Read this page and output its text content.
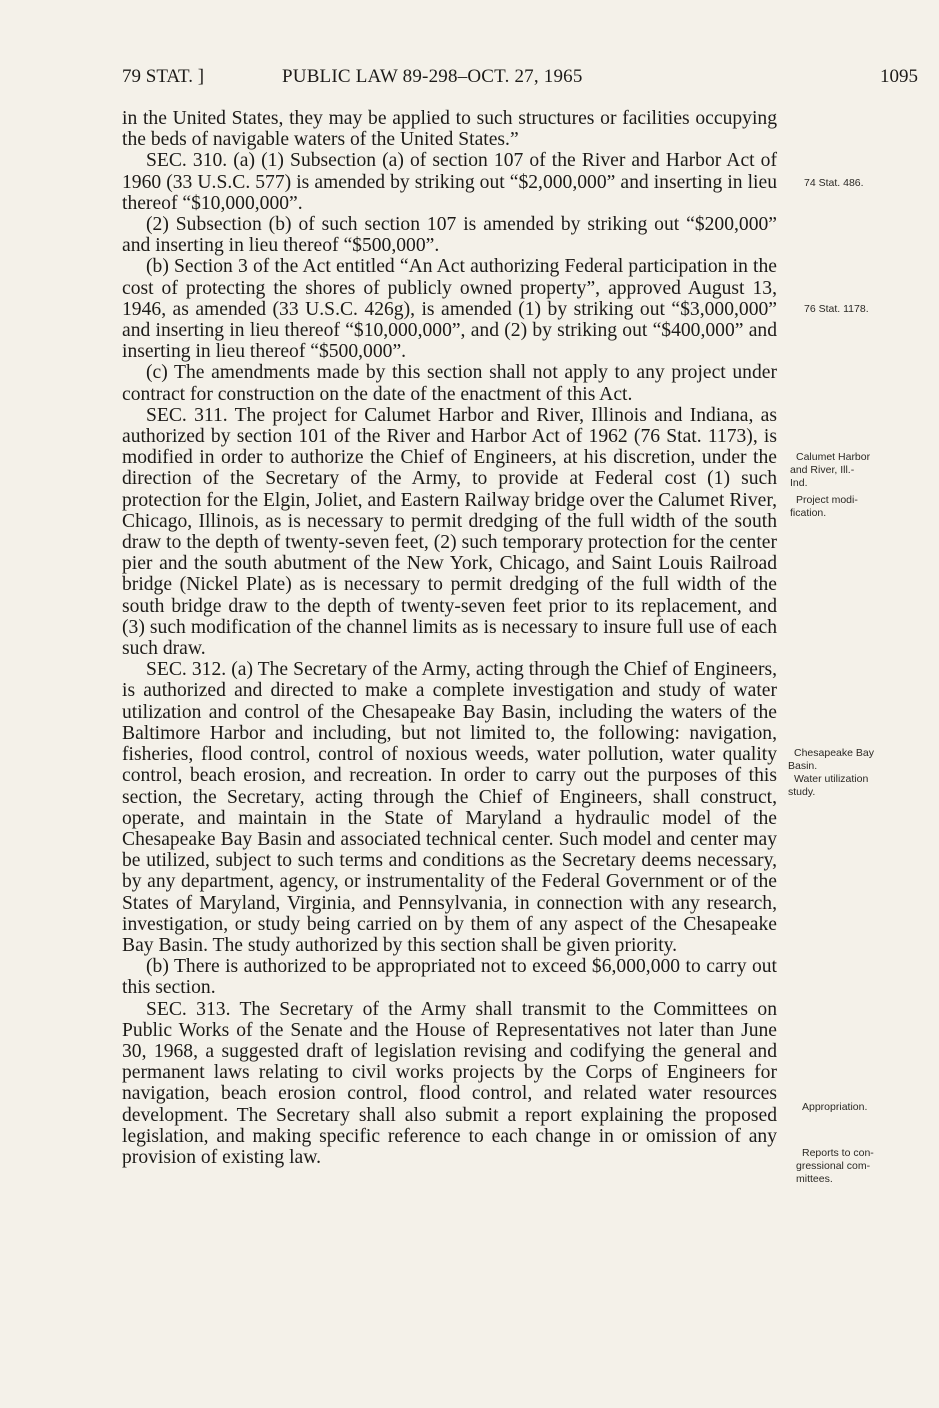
79 STAT. ]	PUBLIC LAW 89-298–OCT. 27, 1965	1095

in the United States, they may be applied to such structures or facilities occupying the beds of navigable waters of the United States.”

SEC. 310. (a) (1) Subsection (a) of section 107 of the River and Harbor Act of 1960 (33 U.S.C. 577) is amended by striking out “$2,000,000” and inserting in lieu thereof “$10,000,000”.

(2) Subsection (b) of such section 107 is amended by striking out “$200,000” and inserting in lieu thereof “$500,000”.

(b) Section 3 of the Act entitled “An Act authorizing Federal participation in the cost of protecting the shores of publicly owned property”, approved August 13, 1946, as amended (33 U.S.C. 426g), is amended (1) by striking out “$3,000,000” and inserting in lieu thereof “$10,000,000”, and (2) by striking out “$400,000” and inserting in lieu thereof “$500,000”.

(c) The amendments made by this section shall not apply to any project under contract for construction on the date of the enactment of this Act.

SEC. 311. The project for Calumet Harbor and River, Illinois and Indiana, as authorized by section 101 of the River and Harbor Act of 1962 (76 Stat. 1173), is modified in order to authorize the Chief of Engineers, at his discretion, under the direction of the Secretary of the Army, to provide at Federal cost (1) such protection for the Elgin, Joliet, and Eastern Railway bridge over the Calumet River, Chicago, Illinois, as is necessary to permit dredging of the full width of the south draw to the depth of twenty-seven feet, (2) such temporary protection for the center pier and the south abutment of the New York, Chicago, and Saint Louis Railroad bridge (Nickel Plate) as is necessary to permit dredging of the full width of the south bridge draw to the depth of twenty-seven feet prior to its replacement, and (3) such modification of the channel limits as is necessary to insure full use of each such draw.

SEC. 312. (a) The Secretary of the Army, acting through the Chief of Engineers, is authorized and directed to make a complete investigation and study of water utilization and control of the Chesapeake Bay Basin, including the waters of the Baltimore Harbor and including, but not limited to, the following: navigation, fisheries, flood control, control of noxious weeds, water pollution, water quality control, beach erosion, and recreation. In order to carry out the purposes of this section, the Secretary, acting through the Chief of Engineers, shall construct, operate, and maintain in the State of Maryland a hydraulic model of the Chesapeake Bay Basin and associated technical center. Such model and center may be utilized, subject to such terms and conditions as the Secretary deems necessary, by any department, agency, or instrumentality of the Federal Government or of the States of Maryland, Virginia, and Pennsylvania, in connection with any research, investigation, or study being carried on by them of any aspect of the Chesapeake Bay Basin. The study authorized by this section shall be given priority.

(b) There is authorized to be appropriated not to exceed $6,000,000 to carry out this section.

SEC. 313. The Secretary of the Army shall transmit to the Committees on Public Works of the Senate and the House of Representatives not later than June 30, 1968, a suggested draft of legislation revising and codifying the general and permanent laws relating to civil works projects by the Corps of Engineers for navigation, beach erosion control, flood control, and related water resources development. The Secretary shall also submit a report explaining the proposed legislation, and making specific reference to each change in or omission of any provision of existing law.

74 Stat. 486.
76 Stat. 1178.
Calumet Harbor
and River, Ill.-
Ind.
Project modi-
fication.
Chesapeake Bay
Basin.
Water utilization
study.
Appropriation.
Reports to con-
gressional com-
mittees.
